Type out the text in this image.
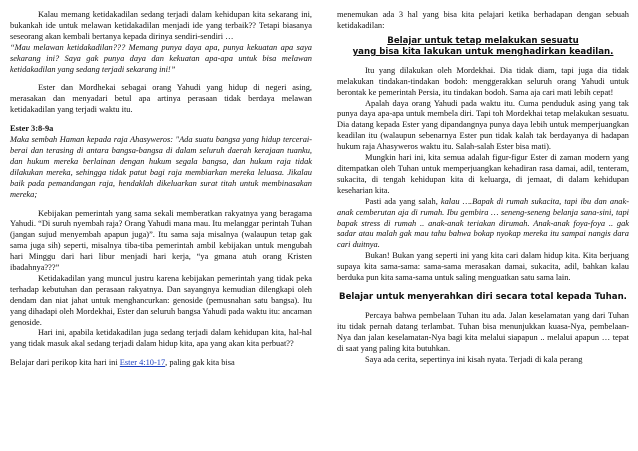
Kalau memang ketidakadilan sedang terjadi dalam kehidupan kita sekarang ini, bukankah ide untuk melawan ketidakadilan menjadi ide yang terbaik?? Tetapi biasanya seseorang akan kembali bertanya kepada dirinya sendiri-sendiri …

“Mau melawan ketidakadilan??? Memang punya daya apa, punya kekuatan apa saya sekarang ini? Saya gak punya daya dan kekuatan apa-apa untuk bisa melawan ketidakadilan yang sedang terjadi sekarang ini!”

Ester dan Mordhekai sebagai orang Yahudi yang hidup di negeri asing, merasakan dan menyadari betul apa artinya perasaan tidak berdaya melawan ketidakadilan yang terjadi waktu itu.

Ester 3:8-9a

Maka sembah Haman kepada raja Ahasyweros: "Ada suatu bangsa yang hidup tercerai-berai dan terasing di antara bangsa-bangsa di dalam seluruh daerah kerajaan tuanku, dan hukum mereka berlainan dengan hukum segala bangsa, dan hukum raja tidak dilakukan mereka, sehingga tidak patut bagi raja membiarkan mereka leluasa. Jikalau baik pada pemandangan raja, hendaklah dikeluarkan surat titah untuk membinasakan mereka;

Kebijakan pemerintah yang sama sekali memberatkan rakyatnya yang beragama Yahudi. “Di suruh nyembah raja? Orang Yahudi mana mau. Itu melanggar perintah Tuhan (jangan sujud menyembah apapun juga)”. Itu sama saja misalnya (walaupun tetap gak sama juga sih) seperti, misalnya tiba-tiba pemerintah ambil kebijakan untuk mengubah hari Minggu dari hari libur menjadi hari kerja, “ya gmana atuh orang Kristen ibadahnya???”

Ketidakadilan yang muncul justru karena kebijakan pemerintah yang tidak peka terhadap kebutuhan dan perasaan rakyatnya. Dan sayangnya kemudian dilengkapi oleh dendam dan niat jahat untuk menghancurkan: genoside (pemusnahan satu bangsa). Itu yang dihadapi oleh Mordekhai, Ester dan seluruh bangsa Yahudi pada waktu itu: ancaman genoside.

Hari ini, apabila ketidakadilan juga sedang terjadi dalam kehidupan kita, hal-hal yang tidak masuk akal sedang terjadi dalam hidup kita, apa yang akan kita perbuat??

Belajar dari perikop kita hari ini Ester 4:10-17, paling gak kita bisa

menemukan ada 3 hal yang bisa kita pelajari ketika berhadapan dengan sebuah ketidakadilan:

Belajar untuk tetap melakukan sesuatu

yang bisa kita lakukan untuk menghadirkan keadilan.

Itu yang dilakukan oleh Mordekhai. Dia tidak diam, tapi juga dia tidak melakukan tindakan-tindakan bodoh: menggerakkan seluruh orang Yahudi untuk berontak ke pemerintah Persia, itu tindakan bodoh. Sama aja cari mati lebih cepat!

Apalah daya orang Yahudi pada waktu itu. Cuma penduduk asing yang tak punya daya apa-apa untuk membela diri. Tapi toh Mordekhai tetap melakukan sesuatu. Dia datang kepada Ester yang dipandangnya punya daya lebih untuk memperjuangkan keadilan itu (walaupun sebenarnya Ester pun tidak kalah tak berdayanya di hadapan hukum raja Ahasyweros waktu itu. Salah-salah Ester bisa mati).

Mungkin hari ini, kita semua adalah figur-figur Ester di zaman modern yang ditempatkan oleh Tuhan untuk memperjuangkan kehadiran rasa damai, adil, tenteram, sukacita, di tengah kehidupan kita di keluarga, di jemaat, di dalam kehidupan keseharian kita.

Pasti ada yang salah, kalau ….Bapak di rumah sukacita, tapi ibu dan anak-anak cemberutan aja di rumah. Ibu gembira … seneng-seneng belanja sana-sini, tapi bapak stress di rumah .. anak-anak teriakan dirumah. Anak-anak foya-foya .. gak sadar atau malah gak mau tahu bahwa bokap nyokap mereka itu sampai nangis dara cari duitnya.

Bukan! Bukan yang seperti ini yang kita cari dalam hidup kita. Kita berjuang supaya kita sama-sama: sama-sama merasakan damai, sukacita, adil, bahkan kalau berduka pun kita sama-sama untuk saling menguatkan satu sama lain.

Belajar untuk menyerahkan diri secara total kepada Tuhan.

Percaya bahwa pembelaan Tuhan itu ada. Jalan keselamatan yang dari Tuhan itu tidak pernah datang terlambat. Tuhan bisa menunjukkan kuasa-Nya, pembelaan-Nya dan jalan keselamatan-Nya bagi kita melalui siapapun .. melalui apapun … tepat di saat yang paling kita butuhkan.

Saya ada cerita, sepertinya ini kisah nyata. Terjadi di kala perang
